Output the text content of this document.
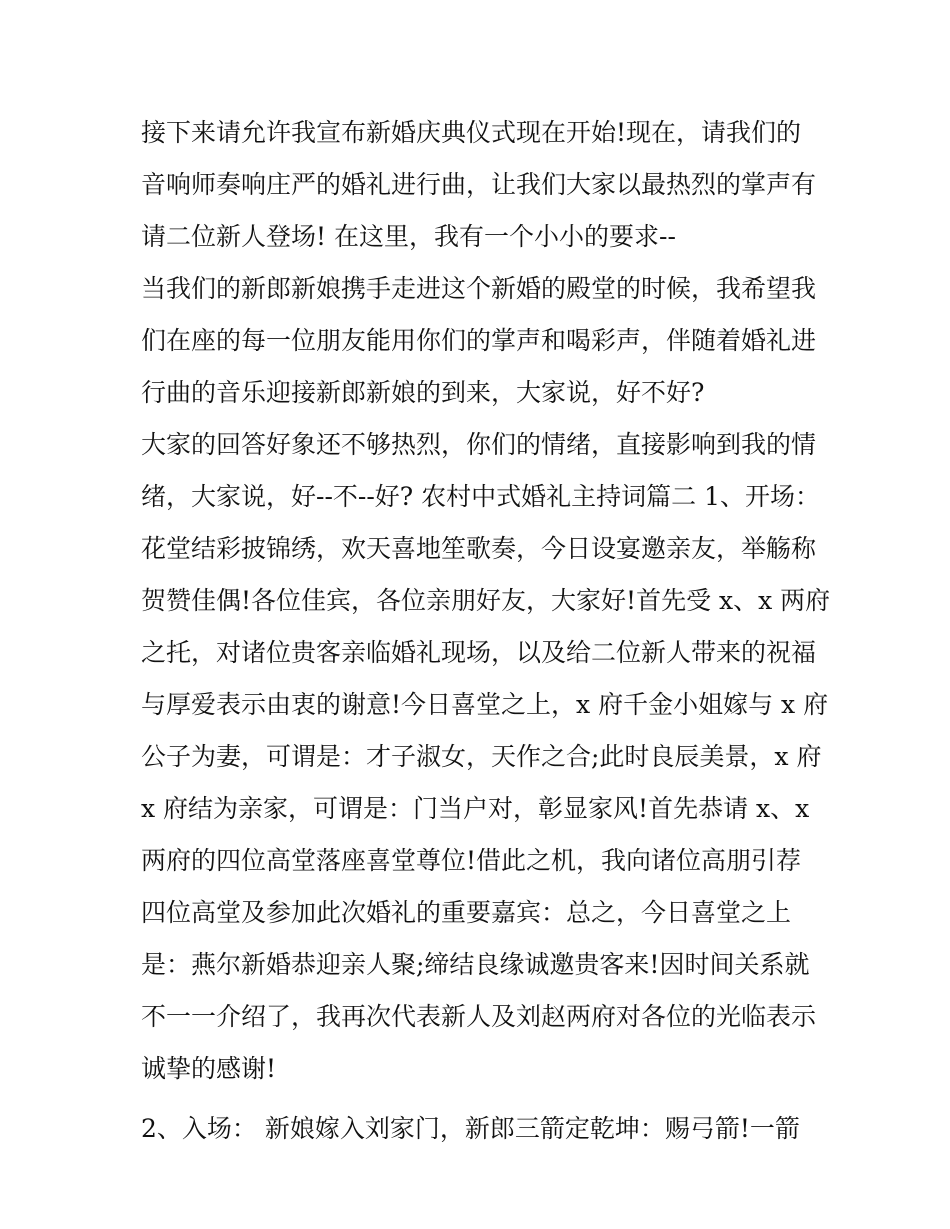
接下来请允许我宣布新婚庆典仪式现在开始!现在，请我们的
音响师奏响庄严的婚礼进行曲，让我们大家以最热烈的掌声有
请二位新人登场! 在这里，我有一个小小的要求--
当我们的新郎新娘携手走进这个新婚的殿堂的时候，我希望我
们在座的每一位朋友能用你们的掌声和喝彩声，伴随着婚礼进
行曲的音乐迎接新郎新娘的到来，大家说，好不好?
大家的回答好象还不够热烈，你们的情绪，直接影响到我的情
绪，大家说，好--不--好? 农村中式婚礼主持词篇二 1、开场：
花堂结彩披锦绣，欢天喜地笙歌奏，今日设宴邀亲友，举觞称
贺赞佳偶!各位佳宾，各位亲朋好友，大家好!首先受 x、x 两府
之托，对诸位贵客亲临婚礼现场，以及给二位新人带来的祝福
与厚爱表示由衷的谢意!今日喜堂之上，x 府千金小姐嫁与 x 府
公子为妻，可谓是：才子淑女，天作之合;此时良辰美景，x 府
x 府结为亲家，可谓是：门当户对，彰显家风!首先恭请 x、x
两府的四位高堂落座喜堂尊位!借此之机，我向诸位高朋引荐
四位高堂及参加此次婚礼的重要嘉宾：总之，今日喜堂之上
是：燕尔新婚恭迎亲人聚;缔结良缘诚邀贵客来!因时间关系就
不一一介绍了，我再次代表新人及刘赵两府对各位的光临表示
诚挚的感谢!
2、入场： 新娘嫁入刘家门，新郎三箭定乾坤：赐弓箭!一箭
